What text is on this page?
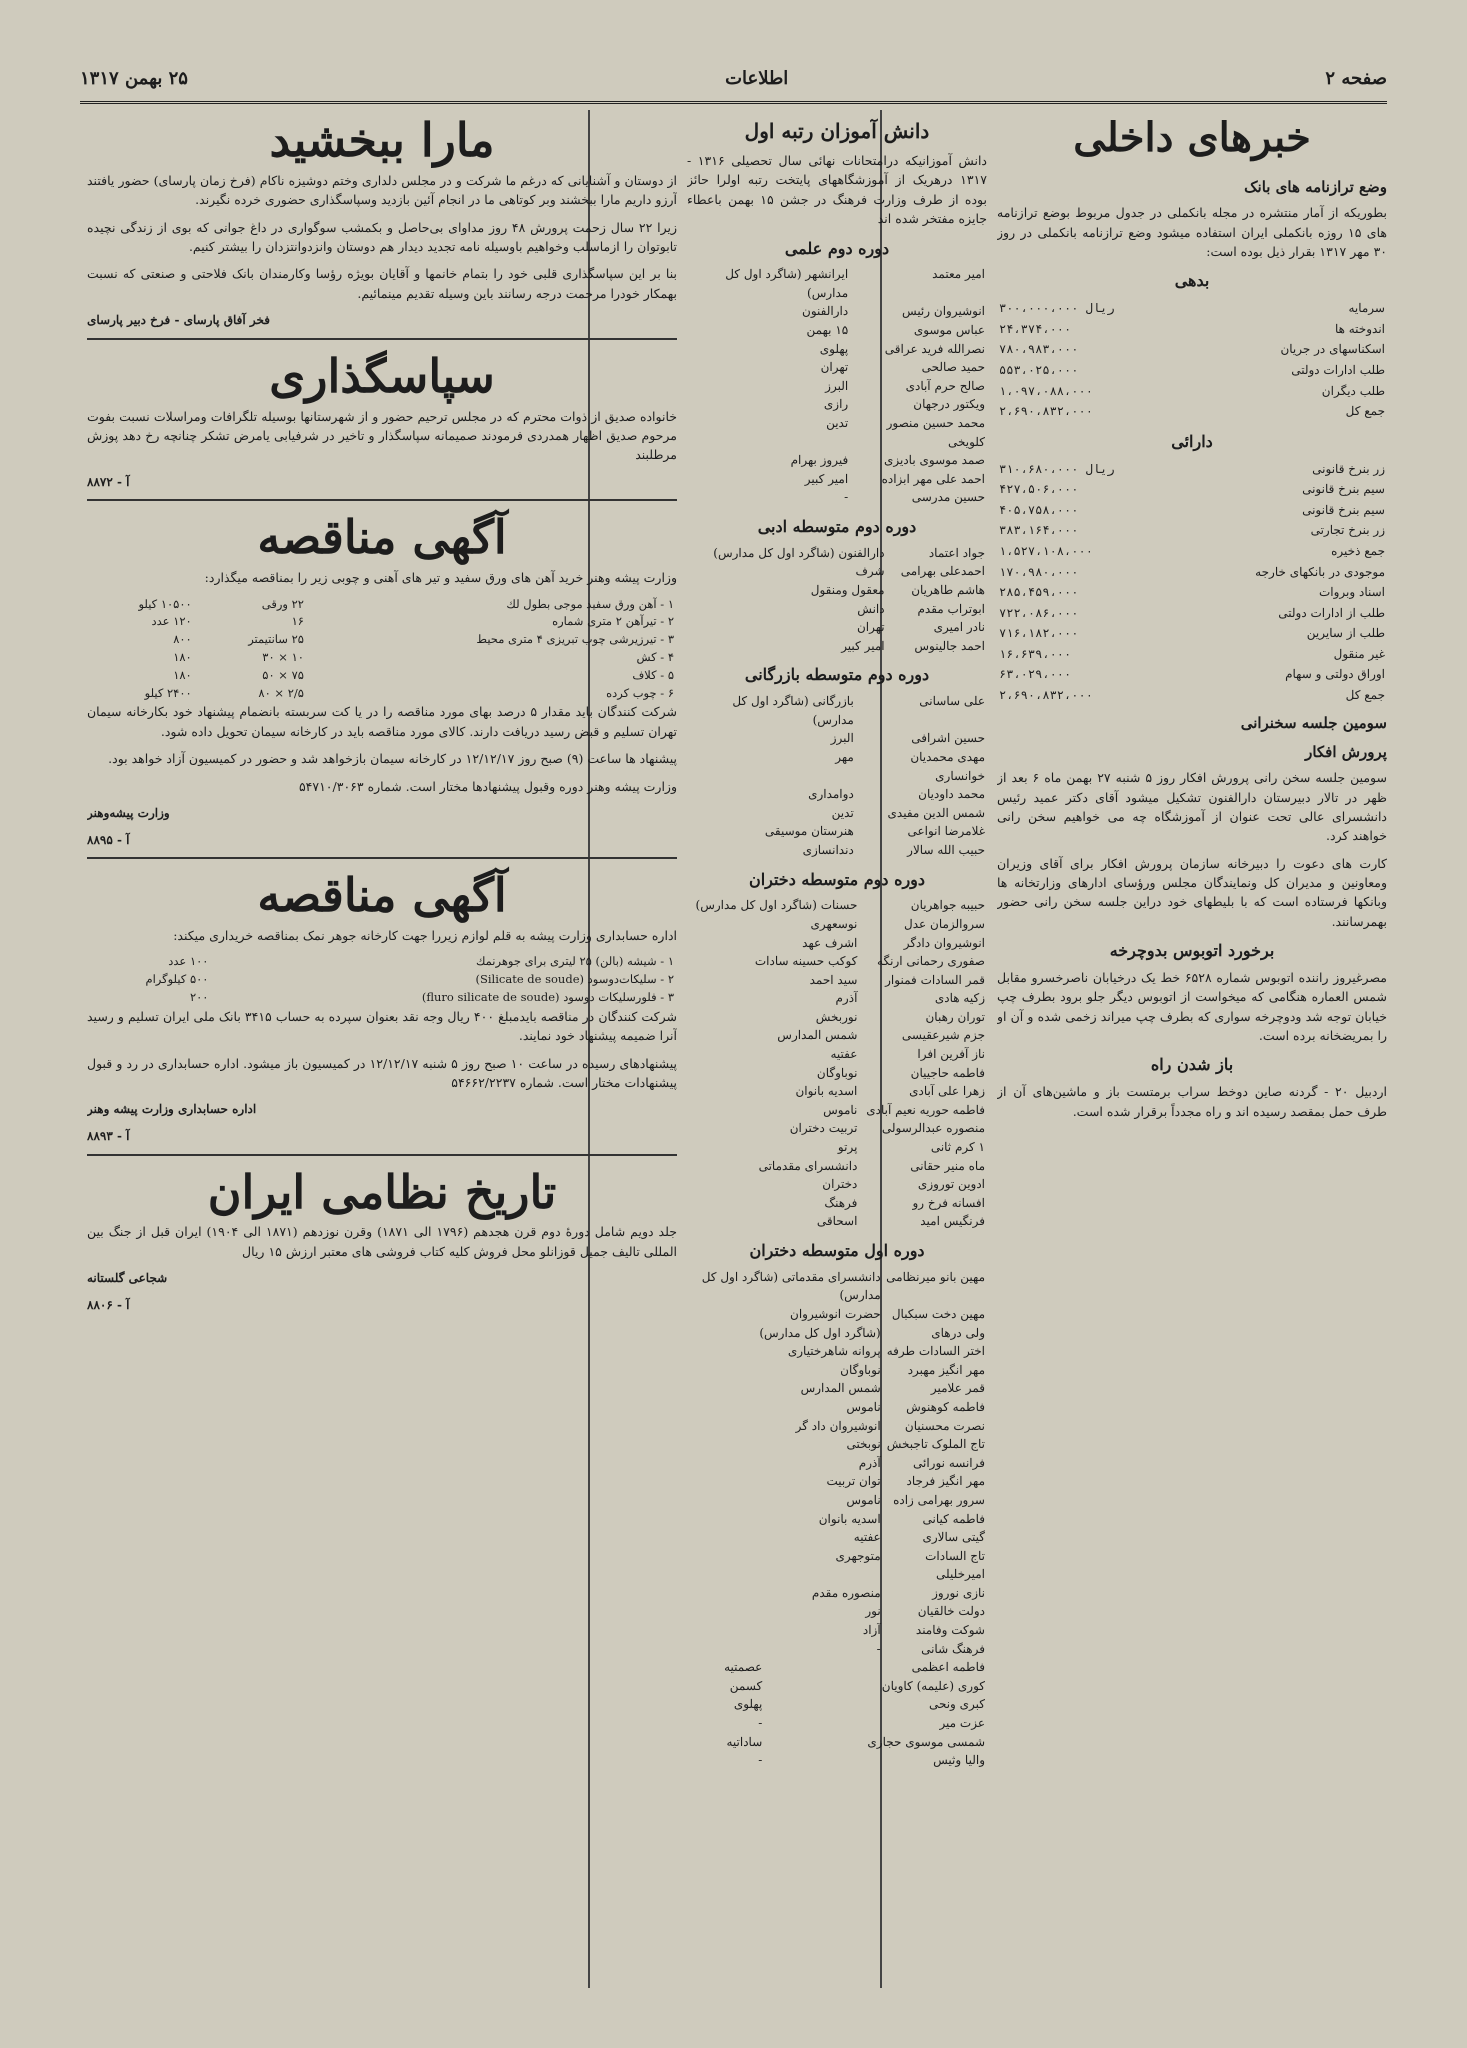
صفحه ۲
اطلاعات
۲۵ بهمن ۱۳۱۷
خبرهای داخلی
وضع ترازنامه های بانک

بطوریکه از آمار منتشره در مجله بانکملی در جدول مربوط بوضع ترازنامه های ۱۵ روزه بانکملی ایران استفاده میشود وضع ترازنامه بانکملی در روز ۳۰ مهر ۱۳۱۷ بقرار ذیل بوده است:

بدهی
سرمایه	۳۰۰،۰۰۰،۰۰۰ ریال
اندوخته ها	۲۴،۳۷۴،۰۰۰
اسکناسهای در جریان	۷۸۰،۹۸۳،۰۰۰
طلب ادارات دولتی	۵۵۳،۰۲۵،۰۰۰
طلب دیگران	۱،۰۹۷،۰۸۸،۰۰۰
جمع کل	۲،۶۹۰،۸۳۲،۰۰۰
دارائی
زر بنرخ قانونی	۳۱۰،۶۸۰،۰۰۰ ریال
سیم بنرخ قانونی	۴۲۷،۵۰۶،۰۰۰
سیم بنرخ قانونی	۴۰۵،۷۵۸،۰۰۰
زر بنرخ تجارتی	۳۸۳،۱۶۴،۰۰۰
جمع ذخیره	۱،۵۲۷،۱۰۸،۰۰۰
موجودی در بانکهای خارجه	۱۷۰،۹۸۰،۰۰۰
اسناد وبروات	۲۸۵،۴۵۹،۰۰۰
طلب از ادارات دولتی	۷۲۲،۰۸۶،۰۰۰
طلب از سایرین	۷۱۶،۱۸۲،۰۰۰
غیر منقول	۱۶،۶۳۹،۰۰۰
اوراق دولتی و سهام	۶۳،۰۲۹،۰۰۰
جمع کل	۲،۶۹۰،۸۳۲،۰۰۰
سومین جلسه سخنرانی
پرورش افکار

سومین جلسه سخن رانی پرورش افکار روز ۵ شنبه ۲۷ بهمن ماه ۶ بعد از ظهر در تالار دبیرستان دارالفنون تشکیل میشود آقای دکتر عمید رئیس دانشسرای عالی تحت عنوان از آموزشگاه چه می خواهیم سخن رانی خواهند کرد.

کارت های دعوت را دبیرخانه سازمان پرورش افکار برای آقای وزیران ومعاونین و مدیران کل ونمایندگان مجلس ورؤسای ادارهای وزارتخانه ها وبانکها فرستاده است که با بلیطهای خود دراین جلسه سخن رانی حضور بهمرسانند.

برخورد اتوبوس بدوچرخه

مصرغیروز راننده اتوبوس شماره ۶۵۲۸ خط یک درخیابان ناصرخسرو مقابل شمس العماره هنگامی که میخواست از اتوبوس دیگر جلو برود بطرف چپ خیابان توجه شد ودوچرخه سواری که بطرف چپ میراند زخمی شده و آن او را بمریضخانه برده است.

باز شدن راه

اردبیل ۲۰ - گردنه صاین دوخط سراب برمتست باز و ماشین‌های آن از طرف حمل بمقصد رسیده اند و راه مجدداً برقرار شده است.

دانش آموزان رتبه اول

دانش آموزانیکه درامتحانات نهائی سال تحصیلی ۱۳۱۶ - ۱۳۱۷ درهریک از آموزشگاههای پایتخت رتبه اولرا حائز بوده از طرف وزارت فرهنگ در جشن ۱۵ بهمن باعطاء جایزه مفتخر شده اند

دوره دوم علمی
امیر معتمد	ایرانشهر (شاگرد اول کل مدارس)
انوشیروان رئیس	دارالفنون
عباس موسوی	۱۵ بهمن
نصرالله فرید عراقی	پهلوی
حمید صالحی	تهران
صالح حرم آبادی	البرز
ویکتور درجهان	رازی
محمد حسین منصور کلویخی	تدین
صمد موسوی بادیزی	فیروز بهرام
احمد علی مهر ابزاده	امیر کبیر
حسین مدرسی	-
دوره دوم متوسطه ادبی
جواد اعتماد	دارالفنون (شاگرد اول کل مدارس)
احمدعلی بهرامی	شرف
هاشم طاهریان	معقول ومنقول
ابوتراب مقدم	دانش
نادر امیری	تهران
احمد جالینوس	امیر کبیر
دوره دوم متوسطه بازرگانی
علی ساسانی	بازرگانی (شاگرد اول کل مدارس)
حسین اشرافی	البرز
مهدی محمدیان خوانساری	مهر
محمد داودیان	دوامداری
شمس الدین مفیدی	تدین
غلامرضا انواعی	هنرستان موسیقی
حبیب الله سالار	دندانسازی
دوره دوم متوسطه دختران
حبیبه جواهریان	حسنات (شاگرد اول کل مدارس)
سروالزمان عدل	نوسعهری
انوشیروان دادگر	اشرف عهد
صفوری رحمانی ارنگه	کوکب حسینه سادات
قمر السادات فمنوار	سید احمد
زکیه هادی	آذرم
توران رهبان	نوربخش
جزم شیرعقیسی	شمس المدارس
ناز آفرین افرا	عفتیه
فاطمه حاجییان	نوباوگان
زهرا علی آبادی	اسدیه بانوان
فاطمه حوریه نعیم آبادی	ناموس
منصوره عبدالرسولی	تربیت دختران
۱ کرم ثانی	پرتو
ماه منیر حقانی	دانشسرای مقدماتی
ادوین توروزی	دختران
افسانه فرخ رو	فرهنگ
فرنگیس امید	اسحاقی
دوره اول متوسطه دختران
مهین بانو میرنظامی	دانشسرای مقدماتی (شاگرد اول کل مدارس)
مهین دخت سبکبال	حضرت انوشیروان
ولی درهای	(شاگرد اول کل مدارس)
اختر السادات طرفه	پروانه شاهرختیاری
مهر انگیز مهبرد	نوباوگان
قمر علامیر	شمس المدارس
فاطمه کوهنوش	ناموس
نصرت محسنیان	انوشیروان داد گر
تاج الملوک تاجبخش	نوبختی
فرانسه نورائی	آذرم
مهر انگیز فرجاد	توان تربیت
سرور بهرامی زاده	ناموس
فاطمه کیانی	اسدیه بانوان
گیتی سالاری	عفتیه
تاج السادات امیرخلیلی	متوجهری
نازی نوروز	منصوره مقدم
دولت خالقیان	نور
شوکت وفامند	آزاد
فرهنگ شانی	-
فاطمه اعظمی	عصمتیه
کوری (علیمه) کاویان	کسمن
کبری ونحی	پهلوی
عزت میر	-
شمسی موسوی حجازی	ساداتیه
والیا وثیس	-
مارا ببخشید

از دوستان و آشنایانی که درغم ما شرکت و در مجلس دلداری وختم دوشیزه ناکام (فرخ زمان پارسای) حضور یافتند آرزو داریم مارا ببخشند وبر کوتاهی ما در انجام آئین بازدید وسپاسگذاری حضوری خرده نگیرند.

زیرا ۲۲ سال زحمت پرورش ۴۸ روز مداوای بی‌حاصل و بکمشب سوگواری در داغ جوانی که بوی از زندگی نچیده تابوتوان را ازماسلب وخواهیم باوسیله نامه تجدید دیدار هم دوستان وانزدوانتزدان را بیشتر کنیم.

بنا بر این سپاسگذاری قلبی خود را بتمام خانمها و آقایان بویژه رؤسا وکارمندان بانک فلاحتی و صنعتی که نسبت بهمکار خودرا مرحمت درجه رسانند باین وسیله تقدیم مینمائیم.

فخر آفاق پارسای - فرخ دبیر پارسای
سپاسگذاری

خانواده صدیق از ذوات محترم که در مجلس ترحیم حضور و از شهرستانها بوسیله تلگرافات ومراسلات نسبت بفوت مرحوم صدیق اظهار همدردی فرمودند صمیمانه سپاسگذار و تاخیر در شرفیابی یامرض تشکر چنانچه رخ دهد پوزش مرطلبند

آ - ۸۸۷۲
آگهی مناقصه

وزارت پیشه وهنر خرید آهن های ورق سفید و تیر های آهنی و چوبی زیر را بمناقصه میگذارد:

۱ - آهن ورق سفید موجی بطول لك	۲۲ ورقی	۱۰۵۰۰ کیلو
۲ - تیرآهن ۲ متری شماره	۱۶	۱۲۰ عدد
۳ - تیرزیرشی چوب تبریزی ۴ متری محیط	۲۵ سانتیمتر	۸۰۰
۴ - کش	۱۰ × ۳۰	۱۸۰
۵ - کلاف	۷۵ × ۵۰	۱۸۰
۶ - چوب کرده	۲/۵ × ۸۰	۲۴۰۰ کیلو

شرکت کنندگان باید مقدار ۵ درصد بهای مورد مناقصه را در یا کت سربسته بانضمام پیشنهاد خود بکارخانه سیمان تهران تسلیم و قبض رسید دریافت دارند. کالای مورد مناقصه باید در کارخانه سیمان تحویل داده شود.

پیشنهاد ها ساعت (۹) صبح روز ۱۲/۱۲/۱۷ در کارخانه سیمان بازخواهد شد و حضور در کمیسیون آزاد خواهد بود.

وزارت پیشه وهنر دوره وقبول پیشنهادها مختار است. شماره ۵۴۷۱۰/۳۰۶۳

وزارت پیشه‌وهنر
آ - ۸۸۹۵
آگهی مناقصه

اداره حسابداری وزارت پیشه به قلم لوازم زیررا جهت کارخانه جوهر نمک بمناقصه خریداری میکند:

۱ - شیشه (بالن) ۲۵ لیتری برای جوهرنمك	۱۰۰ عدد
۲ - سلیکات‌دوسود (Silicate de soude)	۵۰۰ کیلوگرام
۳ - فلورسلیکات دوسود (fluro silicate de soude)	۲۰۰

شرکت کنندگان در مناقصه بایدمبلغ ۴۰۰ ریال وجه نقد بعنوان سپرده به حساب ۳۴۱۵ بانک ملی ایران تسلیم و رسید آنرا ضمیمه پیشنهاد خود نمایند.

پیشنهادهای رسیده در ساعت ۱۰ صبح روز ۵ شنبه ۱۲/۱۲/۱۷ در کمیسیون باز میشود. اداره حسابداری در رد و قبول پیشنهادات مختار است. شماره ۵۴۶۶۲/۲۲۳۷

اداره حسابداری وزارت پیشه وهنر
آ - ۸۸۹۳
تاریخ نظامی ایران

جلد دویم شامل دورهٔ دوم قرن هجدهم (۱۷۹۶ الی ۱۸۷۱) وقرن نوزدهم (۱۸۷۱ الی ۱۹۰۴) ایران قبل از جنگ بین المللی تالیف جمیل قوزانلو محل فروش کلیه کتاب فروشی های معتبر ارزش ۱۵ ریال

شجاعی گلستانه
آ - ۸۸۰۶
